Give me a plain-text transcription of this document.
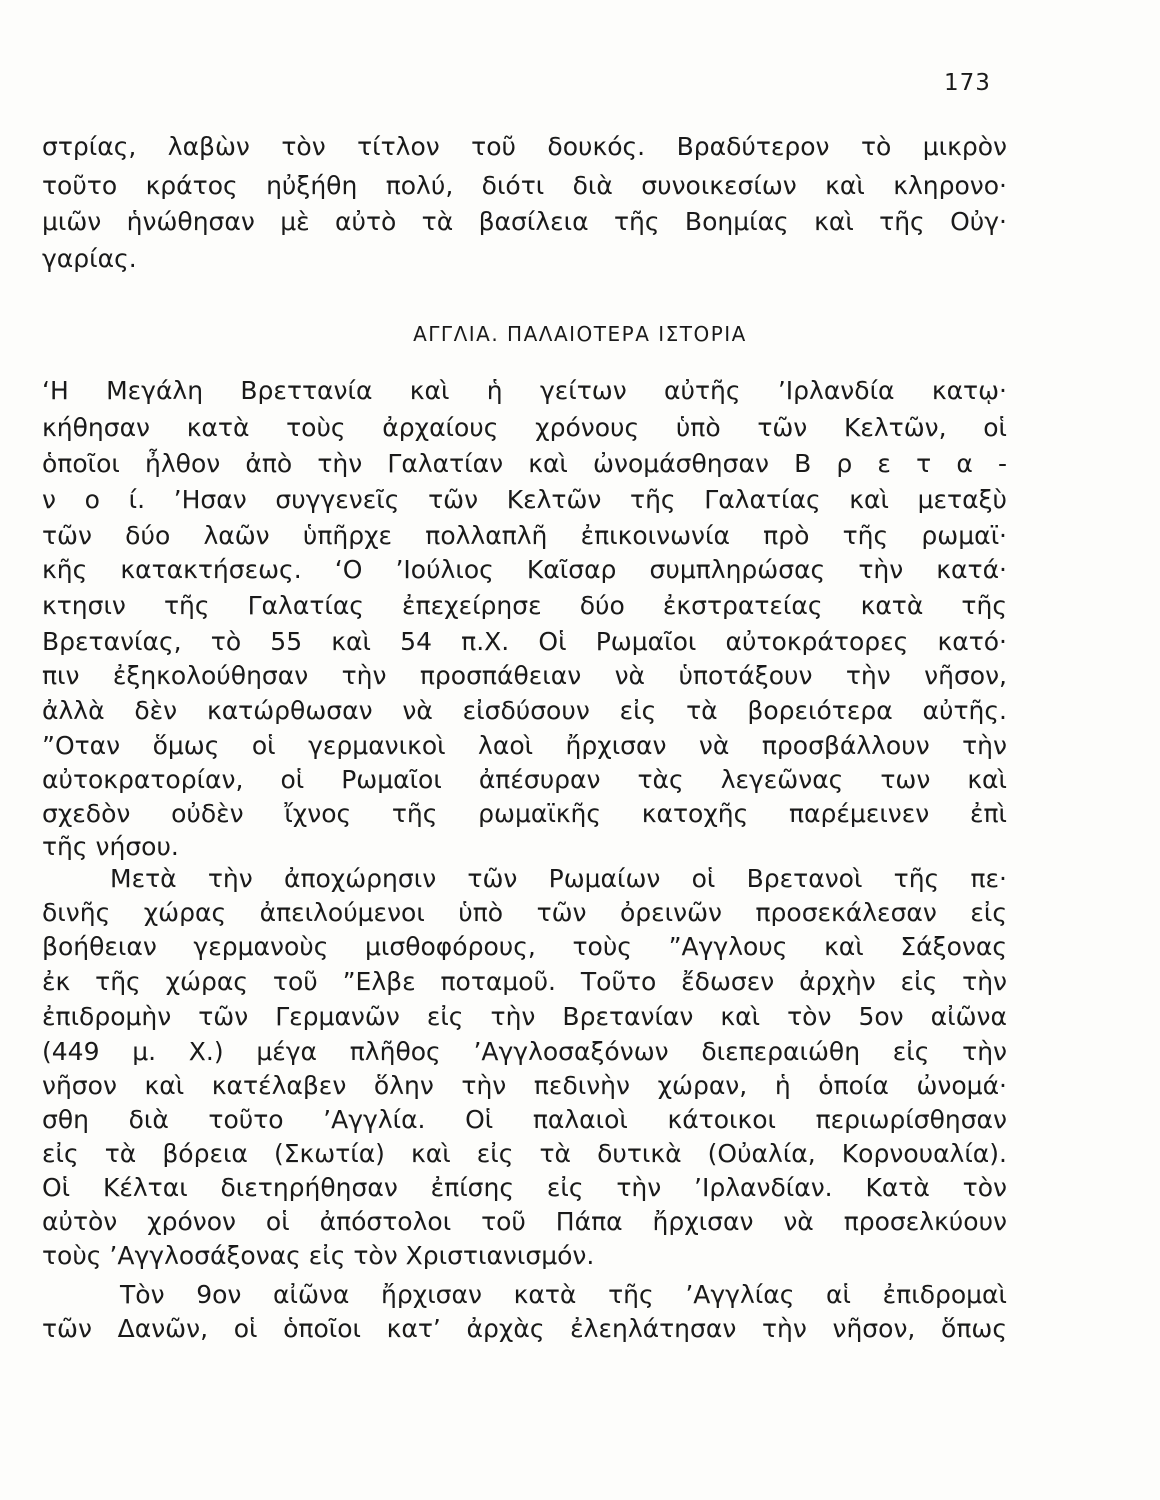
173
στρίας, λαβὼν τὸν τίτλον τοῦ δουκός. Βραδύτερον τὸ μικρὸν
τοῦτο κράτος ηὐξήθη πολύ, διότι διὰ συνοικεσίων καὶ κληρονο·
μιῶν ἡνώθησαν μὲ αὐτὸ τὰ βασίλεια τῆς Βοημίας καὶ τῆς Οὐγ·
γαρίας.
ΑΓΓΛΙΑ. ΠΑΛΑΙΟΤΕΡΑ ΙΣΤΟΡΙΑ
‘Η Μεγάλη Βρεττανία καὶ ἡ γείτων αὐτῆς ’Ιρλανδία κατῳ·
κήθησαν κατὰ τοὺς ἀρχαίους χρόνους ὑπὸ τῶν Κελτῶν, οἱ
ὁποῖοι ἦλθον ἀπὸ τὴν Γαλατίαν καὶ ὠνομάσθησαν Β ρ ε τ α -
ν ο ί. ’Ησαν συγγενεῖς τῶν Κελτῶν τῆς Γαλατίας καὶ μεταξὺ
τῶν δύο λαῶν ὑπῆρχε πολλαπλῆ ἐπικοινωνία πρὸ τῆς ρωμαϊ·
κῆς κατακτήσεως. ‘Ο ’Ιούλιος Καῖσαρ συμπληρώσας τὴν κατά·
κτησιν τῆς Γαλατίας ἐπεχείρησε δύο ἐκστρατείας κατὰ τῆς
Βρετανίας, τὸ 55 καὶ 54 π.Χ. Οἱ Ρωμαῖοι αὐτοκράτορες κατό·
πιν ἐξηκολούθησαν τὴν προσπάθειαν νὰ ὑποτάξουν τὴν νῆσον,
ἀλλὰ δὲν κατώρθωσαν νὰ εἰσδύσουν εἰς τὰ βορειότερα αὐτῆς.
”Οταν ὅμως οἱ γερμανικοὶ λαοὶ ἤρχισαν νὰ προσβάλλουν τὴν
αὐτοκρατορίαν, οἱ Ρωμαῖοι ἀπέσυραν τὰς λεγεῶνας των καὶ
σχεδὸν οὐδὲν ἴχνος τῆς ρωμαϊκῆς κατοχῆς παρέμεινεν ἐπὶ
τῆς νήσου.
Μετὰ τὴν ἀποχώρησιν τῶν Ρωμαίων οἱ Βρετανοὶ τῆς πε·
δινῆς χώρας ἀπειλούμενοι ὑπὸ τῶν ὀρεινῶν προσεκάλεσαν εἰς
βοήθειαν γερμανοὺς μισθοφόρους, τοὺς ”Αγγλους καὶ Σάξονας
ἐκ τῆς χώρας τοῦ ”Ελβε ποταμοῦ. Τοῦτο ἔδωσεν ἀρχὴν εἰς τὴν
ἐπιδρομὴν τῶν Γερμανῶν εἰς τὴν Βρετανίαν καὶ τὸν 5ον αἰῶνα
(449 μ. Χ.) μέγα πλῆθος ’Αγγλοσαξόνων διεπεραιώθη εἰς τὴν
νῆσον καὶ κατέλαβεν ὅλην τὴν πεδινὴν χώραν, ἡ ὁποία ὠνομά·
σθη διὰ τοῦτο ’Αγγλία. Οἱ παλαιοὶ κάτοικοι περιωρίσθησαν
εἰς τὰ βόρεια (Σκωτία) καὶ εἰς τὰ δυτικὰ (Οὐαλία, Κορνουαλία).
Οἱ Κέλται διετηρήθησαν ἐπίσης εἰς τὴν ’Ιρλανδίαν. Κατὰ τὸν
αὐτὸν χρόνον οἱ ἀπόστολοι τοῦ Πάπα ἤρχισαν νὰ προσελκύουν
τοὺς ’Αγγλοσάξονας εἰς τὸν Χριστιανισμόν.
Τὸν 9ον αἰῶνα ἤρχισαν κατὰ τῆς ’Αγγλίας αἱ ἐπιδρομαὶ
τῶν Δανῶν, οἱ ὁποῖοι κατ’ ἀρχὰς ἐλεηλάτησαν τὴν νῆσον, ὅπως
